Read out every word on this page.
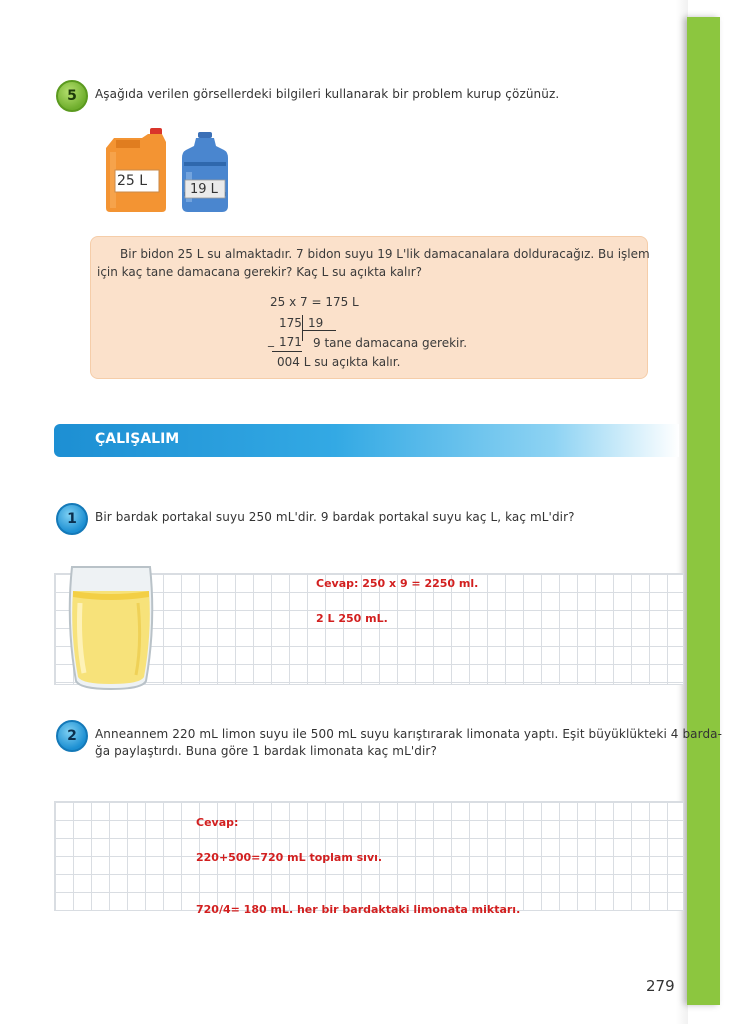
5 Aşağıda verilen görsellerdeki bilgileri kullanarak bir problem kurup çözünüz.
25 L
19 L
Bir bidon 25 L su almaktadır. 7 bidon suyu 19 L'lik damacanalara dolduracağız. Bu işlem
için kaç tane damacana gerekir? Kaç L su açıkta kalır?
25 x 7 = 175 L
175 19
_ 171 9 tane damacana gerekir.
004 L su açıkta kalır.
ÇALIŞALIM
1 Bir bardak portakal suyu 250 mL'dir. 9 bardak portakal suyu kaç L, kaç mL'dir?
Cevap: 250 x 9 = 2250 ml.
2 L 250 mL.
2 Anneannem 220 mL limon suyu ile 500 mL suyu karıştırarak limonata yaptı. Eşit büyüklükteki 4 barda-
ğa paylaştırdı. Buna göre 1 bardak limonata kaç mL'dir?
Cevap:
220+500=720 mL toplam sıvı.
720/4= 180 mL. her bir bardaktaki limonata miktarı.
279
